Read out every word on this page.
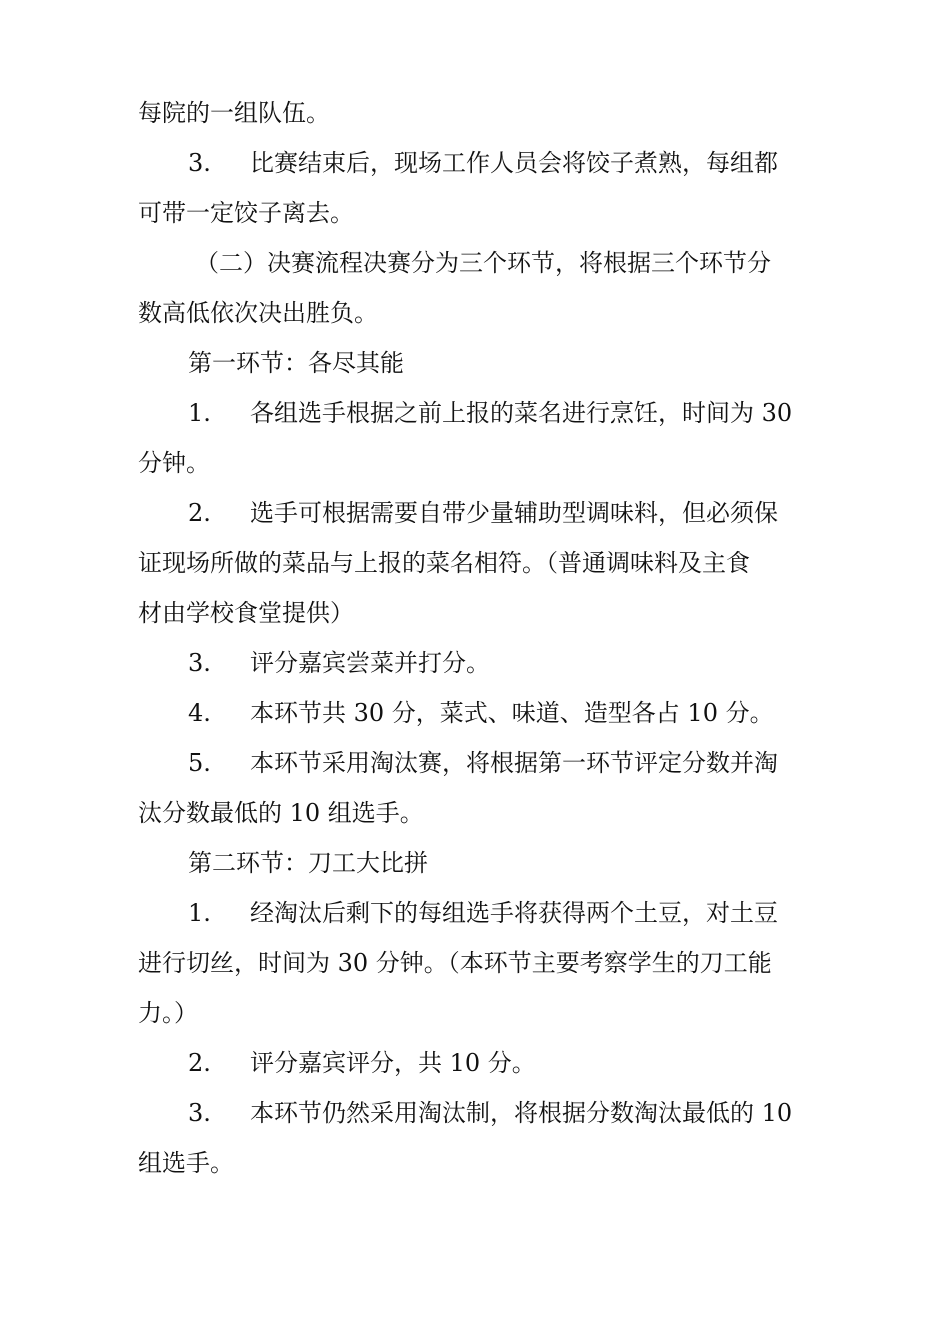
每院的一组队伍。
3. 比赛结束后，现场工作人员会将饺子煮熟，每组都
可带一定饺子离去。
（二）决赛流程决赛分为三个环节，将根据三个环节分
数高低依次决出胜负。
第一环节：各尽其能
1. 各组选手根据之前上报的菜名进行烹饪，时间为 30
分钟。
2. 选手可根据需要自带少量辅助型调味料，但必须保
证现场所做的菜品与上报的菜名相符。（普通调味料及主食
材由学校食堂提供）
3. 评分嘉宾尝菜并打分。
4. 本环节共 30 分，菜式、味道、造型各占 10 分。
5. 本环节采用淘汰赛，将根据第一环节评定分数并淘
汰分数最低的 10 组选手。
第二环节：刀工大比拼
1. 经淘汰后剩下的每组选手将获得两个土豆，对土豆
进行切丝，时间为 30 分钟。（本环节主要考察学生的刀工能
力。）
2. 评分嘉宾评分，共 10 分。
3. 本环节仍然采用淘汰制，将根据分数淘汰最低的 10
组选手。
